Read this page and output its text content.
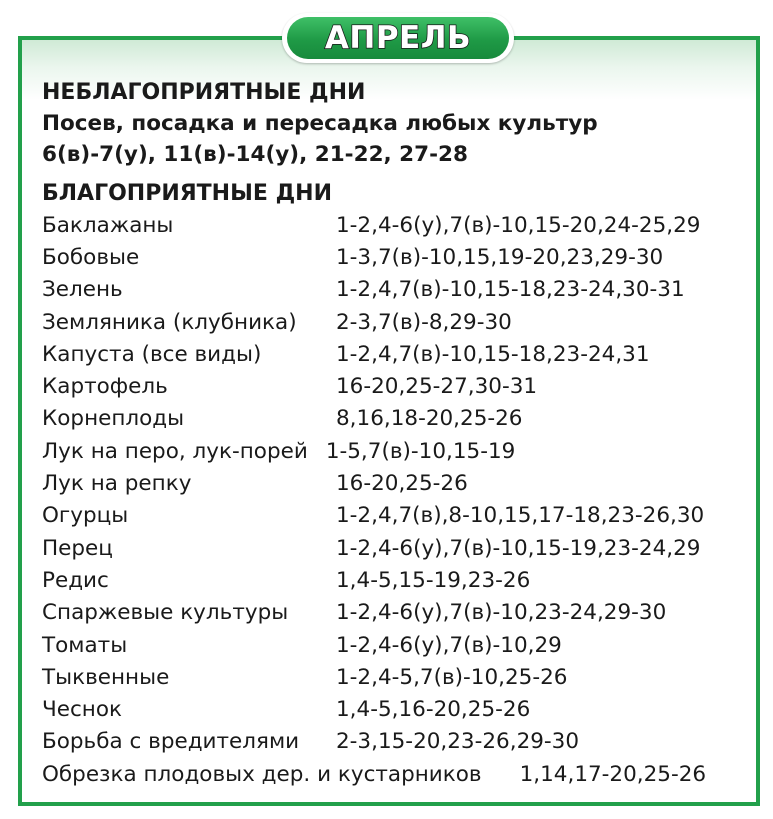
АПРЕЛЬ
НЕБЛАГОПРИЯТНЫЕ ДНИ
Посев, посадка и пересадка любых культур
6(в)-7(у), 11(в)-14(у), 21-22, 27-28
БЛАГОПРИЯТНЫЕ ДНИ
Баклажаны	1-2,4-6(у),7(в)-10,15-20,24-25,29
Бобовые	1-3,7(в)-10,15,19-20,23,29-30
Зелень	1-2,4,7(в)-10,15-18,23-24,30-31
Земляника (клубника)	2-3,7(в)-8,29-30
Капуста (все виды)	1-2,4,7(в)-10,15-18,23-24,31
Картофель	16-20,25-27,30-31
Корнеплоды	8,16,18-20,25-26
Лук на перо, лук-порей 1-5,7(в)-10,15-19
Лук на репку	16-20,25-26
Огурцы	1-2,4,7(в),8-10,15,17-18,23-26,30
Перец	1-2,4-6(у),7(в)-10,15-19,23-24,29
Редис	1,4-5,15-19,23-26
Спаржевые культуры	1-2,4-6(у),7(в)-10,23-24,29-30
Томаты	1-2,4-6(у),7(в)-10,29
Тыквенные	1-2,4-5,7(в)-10,25-26
Чеснок	1,4-5,16-20,25-26
Борьба с вредителями	2-3,15-20,23-26,29-30
Обрезка плодовых дер. и кустарников 1,14,17-20,25-26
